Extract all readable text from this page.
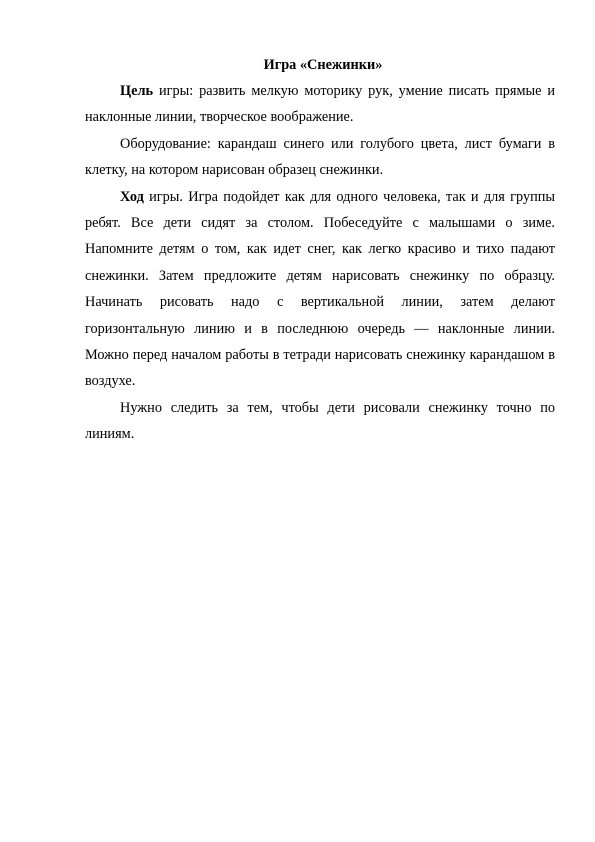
Игра «Снежинки»

Цель игры: развить мелкую моторику рук, умение писать прямые и наклонные линии, творческое воображение.

Оборудование: карандаш синего или голубого цвета, лист бумаги в клетку, на котором нарисован образец снежинки.

Ход игры. Игра подойдет как для одного человека, так и для группы ребят. Все дети сидят за столом. Побеседуйте с малышами о зиме. Напомните детям о том, как идет снег, как легко красиво и тихо падают снежинки. Затем предложите детям нарисовать снежинку по образцу. Начинать рисовать надо с вертикальной линии, затем делают горизонтальную линию и в последнюю очередь — наклонные линии. Можно перед началом работы в тетради нарисовать снежинку карандашом в воздухе.

Нужно следить за тем, чтобы дети рисовали снежинку точно по линиям.
